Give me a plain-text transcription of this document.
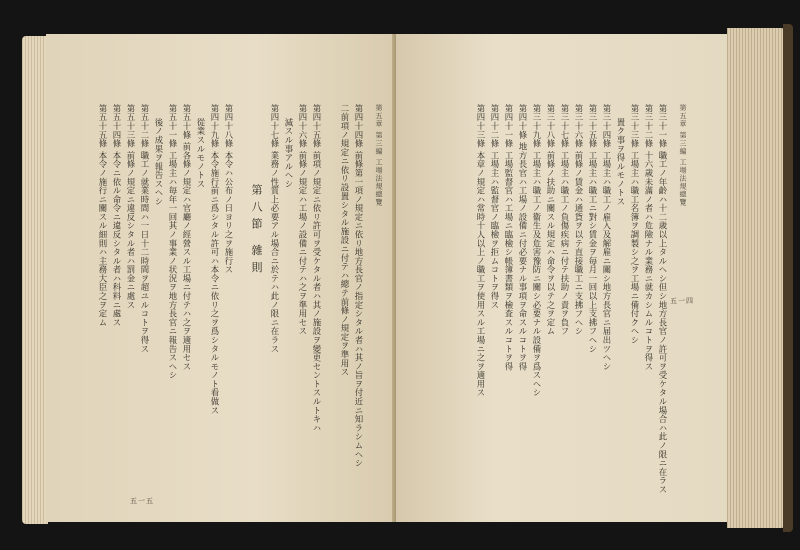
第五章 第三編 工場法規總覽
五一五
第四十四條 前條第一項ノ規定ニ依リ地方長官ノ指定シタル者ハ其ノ旨ヲ付近ニ知ラシムヘシ
二前項ノ規定ニ依リ設置シタル施設ニ付テハ總テ前條ノ規定ヲ準用ス
第四十五條 前項ノ規定ニ依リ許可ヲ受ケタル者ハ其ノ施設ヲ變更セントスルトキハ
第四十六條 前條ノ規定ハ工場ノ設備ニ付テハ之ヲ準用セス
減スル事アルヘシ
第四十七條 業務ノ性質上必要アル場合ニ於テハ此ノ限ニ在ラス
第八節 雜則
第四十八條 本令ハ公布ノ日ヨリ之ヲ施行ス
第四十九條 本令施行前ニ爲シタル許可ハ本令ニ依リ之ヲ爲シタルモノト看做ス
從業スルモノトス
第五十條 前各條ノ規定ハ官廳ノ經營スル工場ニ付テハ之ヲ適用セス
第五十一條 工場主ハ毎年一回其ノ事業ノ状況ヲ地方長官ニ報告スヘシ
後ノ成果ヲ報告スヘシ
第五十二條 職工ノ就業時間ハ一日十二時間ヲ超ユルコトヲ得ス
第五十三條 前條ノ規定ニ違反シタル者ハ罰金ニ處ス
第五十四條 本令ニ依ル命令ニ違反シタル者ハ科料ニ處ス
第五十五條 本令ノ施行ニ關スル細則ハ主務大臣之ヲ定ム	第五章 第三編 工場法規總覽
五一四
第三十一條 職工ノ年齡ハ十二歳以上タルヘシ但シ地方長官ノ許可ヲ受ケタル場合ハ此ノ限ニ在ラス
第三十二條 十六歳未滿ノ者ハ危險ナル業務ニ就カシムルコトヲ得ス
第三十三條 工場主ハ職工名簿ヲ調製シ之ヲ工場ニ備付クヘシ
置ク事ヲ得ルモノトス
第三十四條 工場主ハ職工ノ雇入及解雇ニ關シ地方長官ニ届出ツヘシ
第三十五條 工場主ハ職工ニ對シ賃金ヲ毎月一回以上支拂フヘシ
第三十六條 前條ノ賃金ハ通貨ヲ以テ直接職工ニ支拂フヘシ
第三十七條 工場主ハ職工ノ負傷疾病ニ付テ扶助ノ責ヲ負フ
第三十八條 前條ノ扶助ニ關スル規定ハ命令ヲ以テ之ヲ定ム
第三十九條 工場主ハ職工ノ衞生及危害豫防ニ關シ必要ナル設備ヲ爲スヘシ
第四十條 地方長官ハ工場ノ設備ニ付必要ナル事項ヲ命スルコトヲ得
第四十一條 工場監督官ハ工場ニ臨檢シ帳簿書類ヲ檢査スルコトヲ得
第四十二條 工場主ハ監督官ノ臨檢ヲ拒ムコトヲ得ス
第四十三條 本章ノ規定ハ常時十人以上ノ職工ヲ使用スル工場ニ之ヲ適用ス
